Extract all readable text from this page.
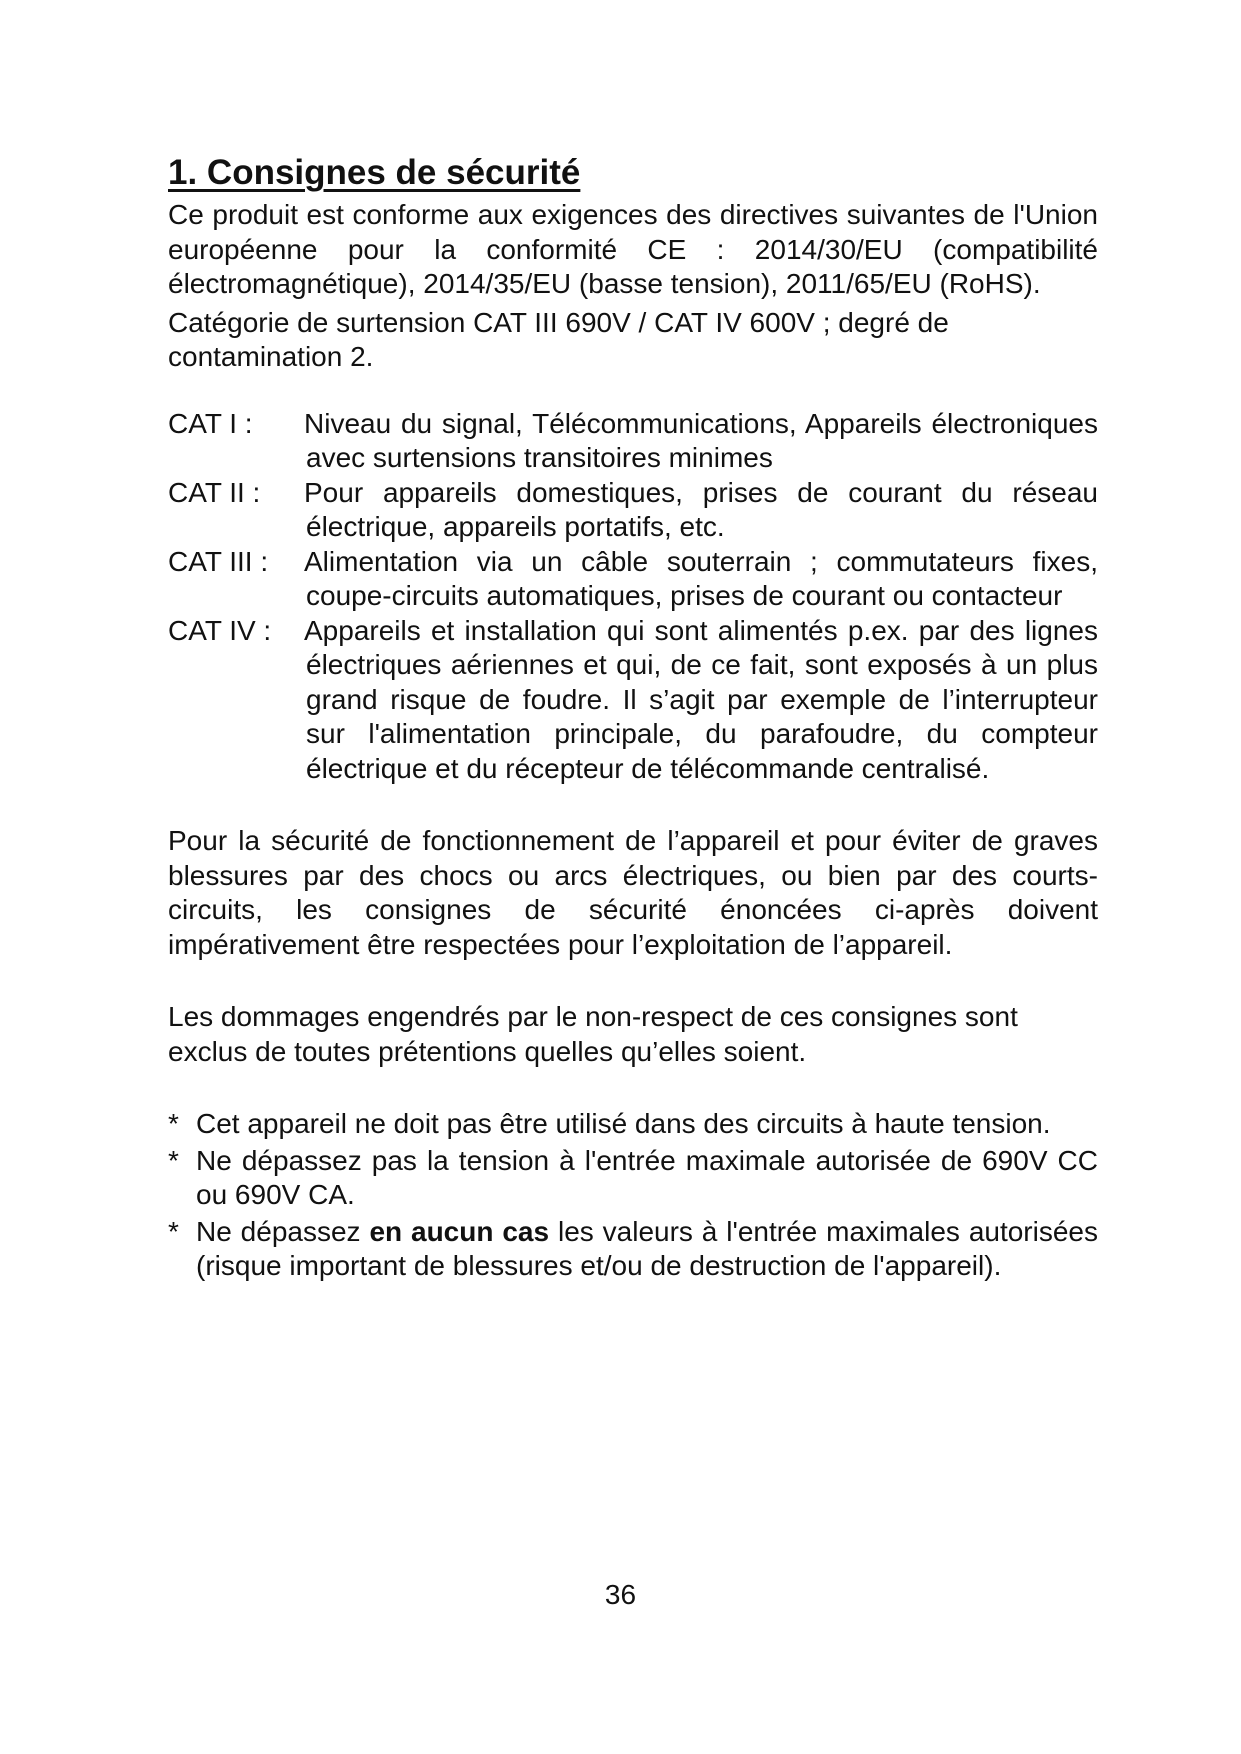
1. Consignes de sécurité

Ce produit est conforme aux exigences des directives suivantes de l'Union européenne pour la conformité CE : 2014/30/EU (compatibilité électromagnétique), 2014/35/EU (basse tension), 2011/65/EU (RoHS).

Catégorie de surtension CAT III 690V / CAT IV 600V ; degré de contamination 2.

CAT I :	Niveau du signal, Télécommunications, Appareils électroniques avec surtensions transitoires minimes
CAT II :	Pour appareils domestiques, prises de courant du réseau électrique, appareils portatifs, etc.
CAT III :	Alimentation via un câble souterrain ; commutateurs fixes, coupe-circuits automatiques, prises de courant ou contacteur
CAT IV :	Appareils et installation qui sont alimentés p.ex. par des lignes électriques aériennes et qui, de ce fait, sont exposés à un plus grand risque de foudre. Il s’agit par exemple de l’interrupteur sur l'alimentation principale, du parafoudre, du compteur électrique et du récepteur de télécommande centralisé.

Pour la sécurité de fonctionnement de l’appareil et pour éviter de graves blessures par des chocs ou arcs électriques, ou bien par des courts-circuits, les consignes de sécurité énoncées ci-après doivent impérativement être respectées pour l’exploitation de l’appareil.

Les dommages engendrés par le non-respect de ces consignes sont exclus de toutes prétentions quelles qu’elles soient.

* Cet appareil ne doit pas être utilisé dans des circuits à haute tension.
* Ne dépassez pas la tension à l'entrée maximale autorisée de 690V CC ou 690V CA.
* Ne dépassez en aucun cas les valeurs à l'entrée maximales autorisées (risque important de blessures et/ou de destruction de l'appareil).
36
